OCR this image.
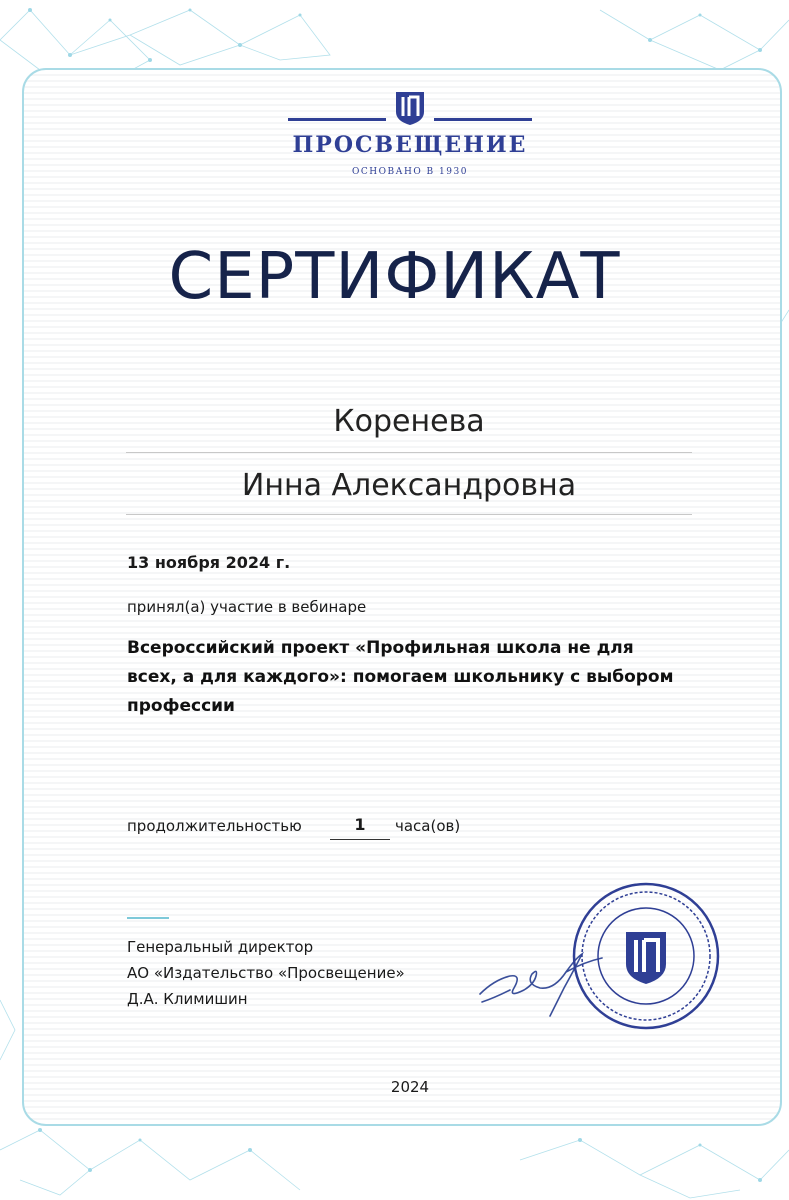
ПРОСВЕЩЕНИЕ
ОСНОВАНО В 1930
СЕРТИФИКАТ
Коренева
Инна Александровна
13 ноября 2024 г.
принял(а) участие в вебинаре
Всероссийский проект «Профильная школа не для всех, а для каждого»: помогаем школьнику с выбором профессии
продолжительностью	1	часа(ов)
Генеральный директор
АО «Издательство «Просвещение»
Д.А. Климишин
2024
